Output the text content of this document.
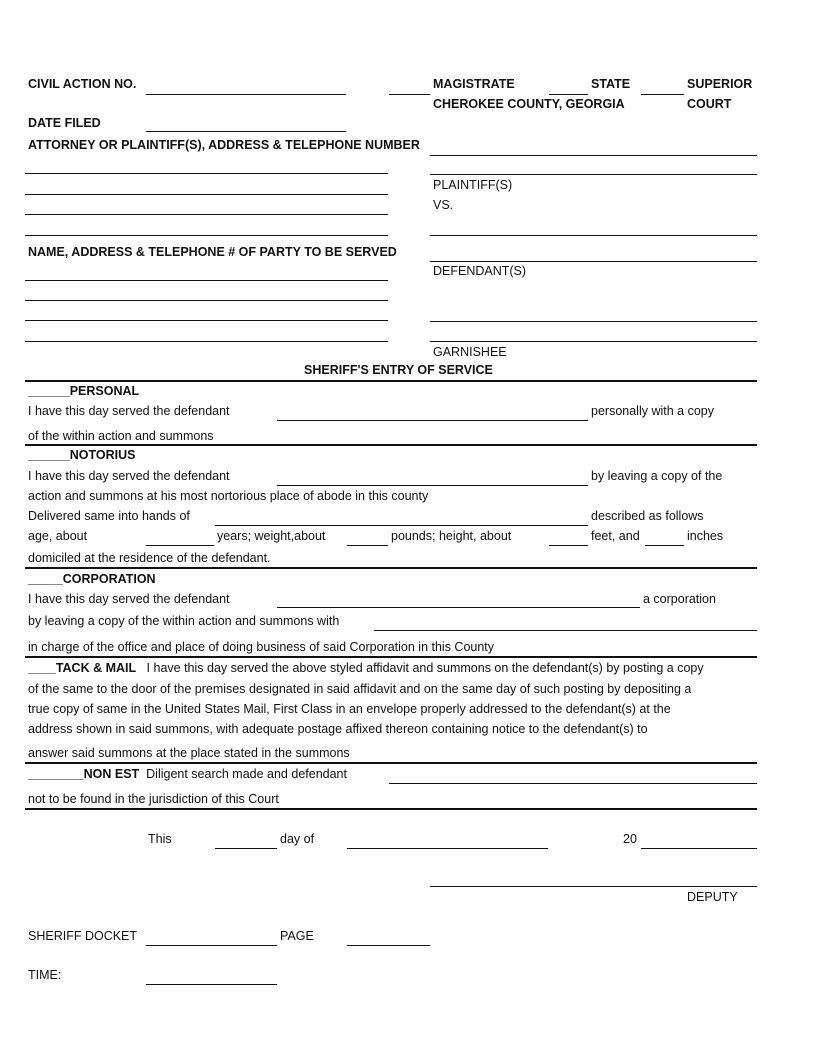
CIVIL ACTION NO.	MAGISTRATE	STATE	SUPERIOR
CHEROKEE COUNTY, GEORGIA	COURT
DATE FILED
ATTORNEY OR PLAINTIFF(S), ADDRESS & TELEPHONE NUMBER
NAME, ADDRESS & TELEPHONE # OF PARTY TO BE SERVED
PLAINTIFF(S)
VS.
DEFENDANT(S)
GARNISHEE
SHERIFF'S ENTRY OF SERVICE
______PERSONAL
I have this day served the defendant	personally with a copy
of the within action and summons
______NOTORIUS
I have this day served the defendant	by leaving a copy of the
action and summons at his most nortorious place of abode in this county
Delivered same into hands of	described as follows
age, about	years; weight,about	pounds; height, about	feet, and	inches
domiciled at the residence of the defendant.
_____CORPORATION
I have this day served the defendant	a corporation
by leaving a copy of the within action and summons with
in charge of the office and place of doing business of said Corporation in this County
____TACK & MAIL I have this day served the above styled affidavit and summons on the defendant(s) by posting a copy
of the same to the door of the premises designated in said affidavit and on the same day of such posting by depositing a
true copy of same in the United States Mail, First Class in an envelope properly addressed to the defendant(s) at the
address shown in said summons, with adequate postage affixed thereon containing notice to the defendant(s) to
answer said summons at the place stated in the summons
________NON EST Diligent search made and defendant
not to be found in the jurisdiction of this Court
This	day of	20
DEPUTY
SHERIFF DOCKET	PAGE
TIME:
